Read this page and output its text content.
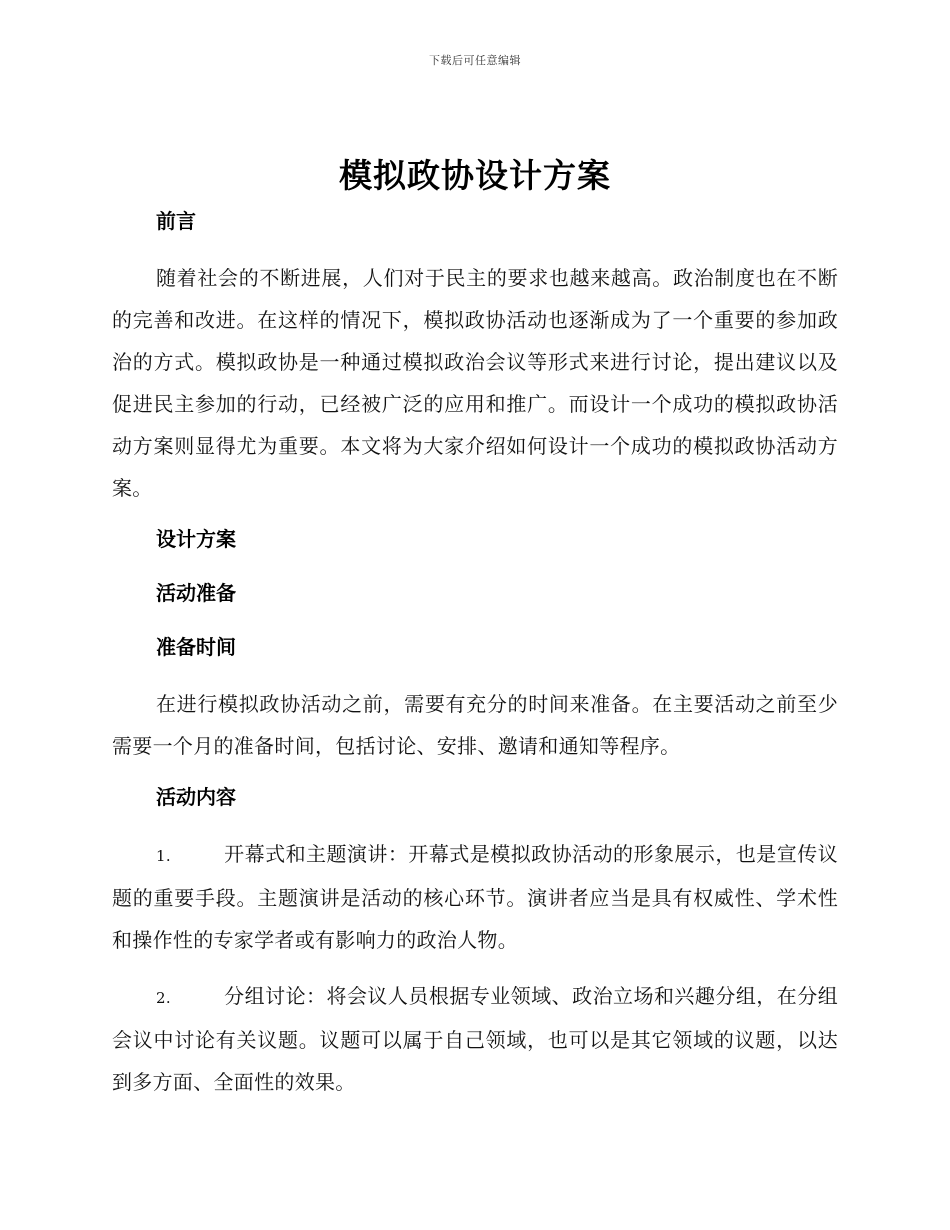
下载后可任意编辑
模拟政协设计方案
前言

随着社会的不断进展，人们对于民主的要求也越来越高。政治制度也在不断的完善和改进。在这样的情况下，模拟政协活动也逐渐成为了一个重要的参加政治的方式。模拟政协是一种通过模拟政治会议等形式来进行讨论，提出建议以及促进民主参加的行动，已经被广泛的应用和推广。而设计一个成功的模拟政协活动方案则显得尤为重要。本文将为大家介绍如何设计一个成功的模拟政协活动方案。

设计方案
活动准备
准备时间

在进行模拟政协活动之前，需要有充分的时间来准备。在主要活动之前至少需要一个月的准备时间，包括讨论、安排、邀请和通知等程序。

活动内容

1.	开幕式和主题演讲：开幕式是模拟政协活动的形象展示，也是宣传议题的重要手段。主题演讲是活动的核心环节。演讲者应当是具有权威性、学术性和操作性的专家学者或有影响力的政治人物。

2.	分组讨论：将会议人员根据专业领域、政治立场和兴趣分组，在分组会议中讨论有关议题。议题可以属于自己领域，也可以是其它领域的议题，以达到多方面、全面性的效果。
